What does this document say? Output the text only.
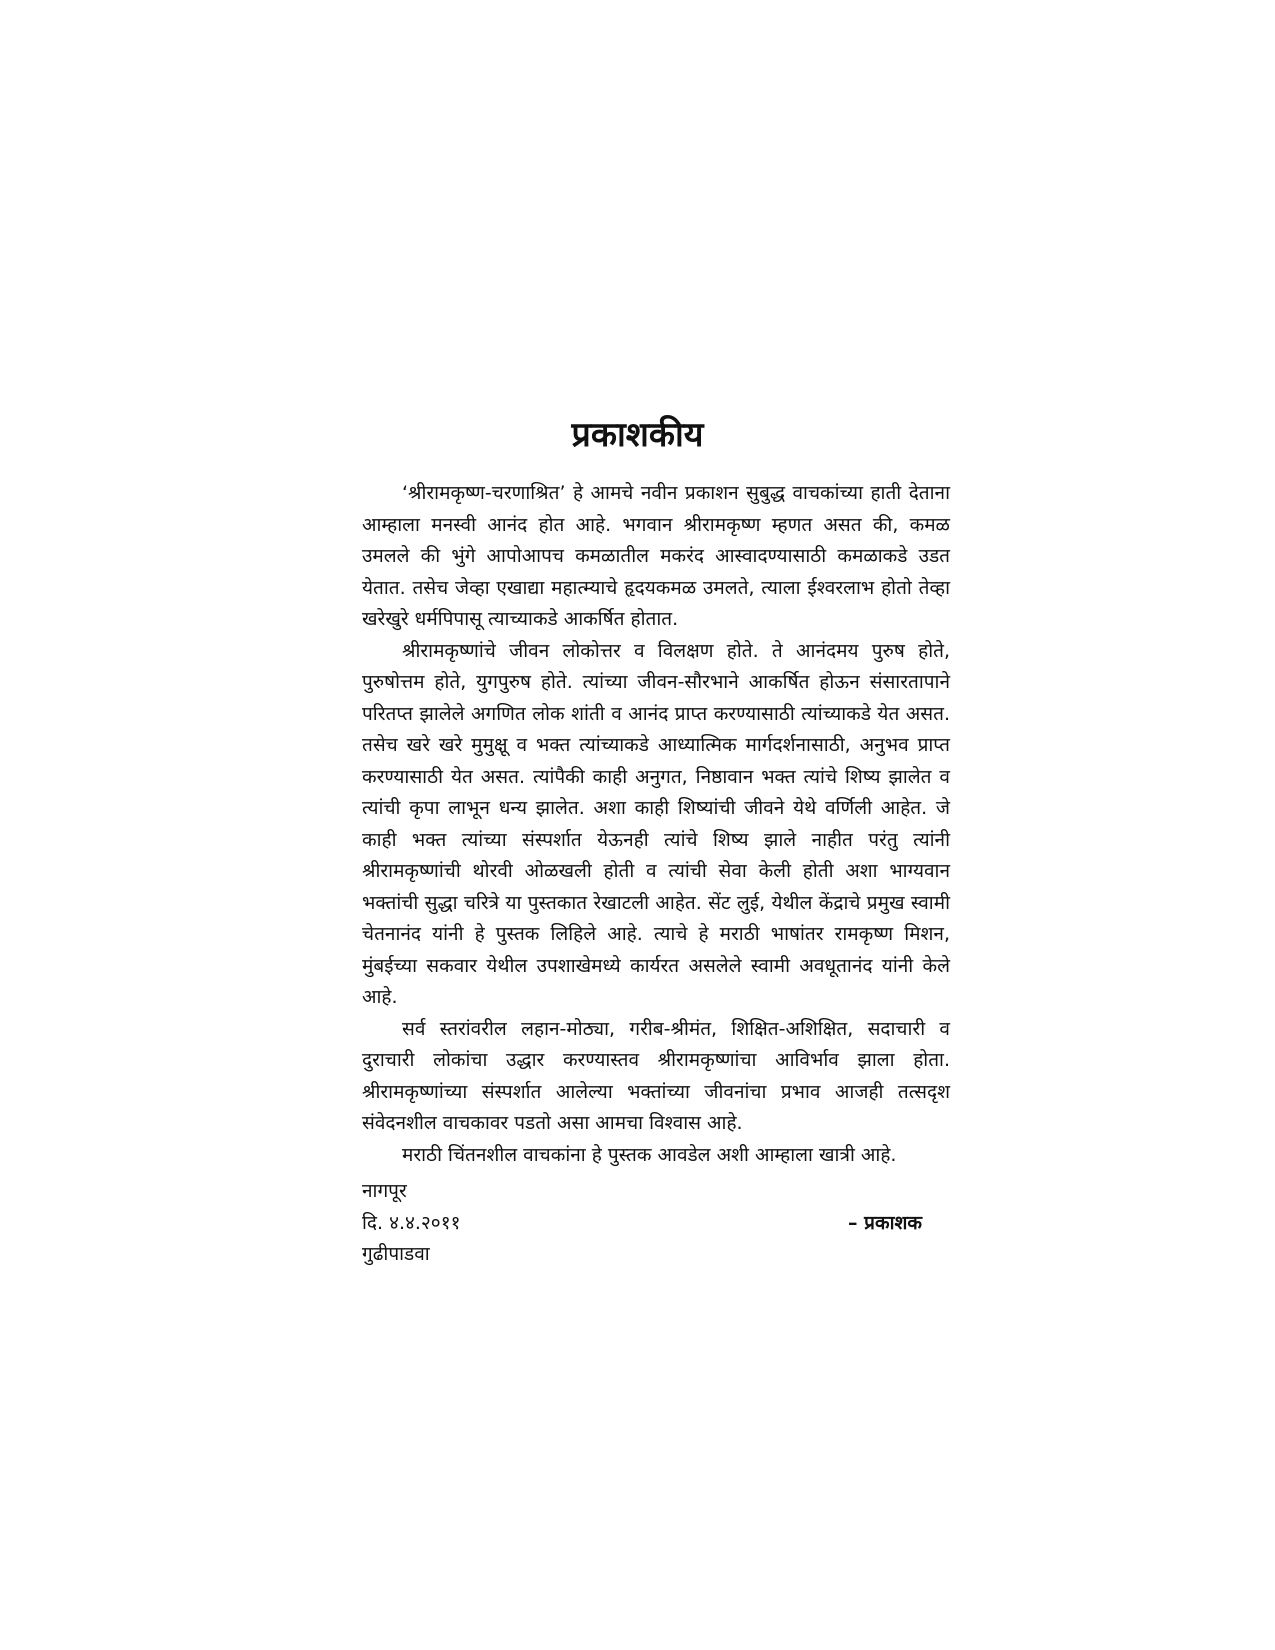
प्रकाशकीय

‘श्रीरामकृष्ण-चरणाश्रित’ हे आमचे नवीन प्रकाशन सुबुद्ध वाचकांच्या हाती देताना आम्हाला मनस्वी आनंद होत आहे. भगवान श्रीरामकृष्ण म्हणत असत की, कमळ उमलले की भुंगे आपोआपच कमळातील मकरंद आस्वादण्यासाठी कमळाकडे उडत येतात. तसेच जेव्हा एखाद्या महात्म्याचे हृदयकमळ उमलते, त्याला ईश्वरलाभ होतो तेव्हा खरेखुरे धर्मपिपासू त्याच्याकडे आकर्षित होतात.

श्रीरामकृष्णांचे जीवन लोकोत्तर व विलक्षण होते. ते आनंदमय पुरुष होते, पुरुषोत्तम होते, युगपुरुष होते. त्यांच्या जीवन-सौरभाने आकर्षित होऊन संसारतापाने परितप्त झालेले अगणित लोक शांती व आनंद प्राप्त करण्यासाठी त्यांच्याकडे येत असत. तसेच खरे खरे मुमुक्षू व भक्त त्यांच्याकडे आध्यात्मिक मार्गदर्शनासाठी, अनुभव प्राप्त करण्यासाठी येत असत. त्यांपैकी काही अनुगत, निष्ठावान भक्त त्यांचे शिष्य झालेत व त्यांची कृपा लाभून धन्य झालेत. अशा काही शिष्यांची जीवने येथे वर्णिली आहेत. जे काही भक्त त्यांच्या संस्पर्शात येऊनही त्यांचे शिष्य झाले नाहीत परंतु त्यांनी श्रीरामकृष्णांची थोरवी ओळखली होती व त्यांची सेवा केली होती अशा भाग्यवान भक्तांची सुद्धा चरित्रे या पुस्तकात रेखाटली आहेत. सेंट लुई, येथील केंद्राचे प्रमुख स्वामी चेतनानंद यांनी हे पुस्तक लिहिले आहे. त्याचे हे मराठी भाषांतर रामकृष्ण मिशन, मुंबईच्या सकवार येथील उपशाखेमध्ये कार्यरत असलेले स्वामी अवधूतानंद यांनी केले आहे.

सर्व स्तरांवरील लहान-मोठ्या, गरीब-श्रीमंत, शिक्षित-अशिक्षित, सदाचारी व दुराचारी लोकांचा उद्धार करण्यास्तव श्रीरामकृष्णांचा आविर्भाव झाला होता. श्रीरामकृष्णांच्या संस्पर्शात आलेल्या भक्तांच्या जीवनांचा प्रभाव आजही तत्सदृश संवेदनशील वाचकावर पडतो असा आमचा विश्वास आहे.

मराठी चिंतनशील वाचकांना हे पुस्तक आवडेल अशी आम्हाला खात्री आहे.

नागपूर
दि. ४.४.२०११
गुढीपाडवा
– प्रकाशक
